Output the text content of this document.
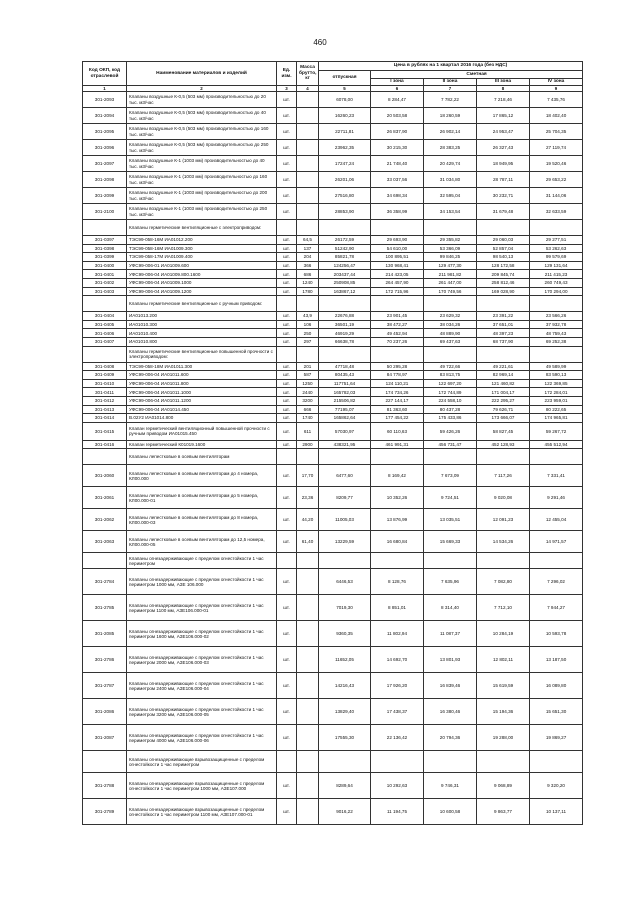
460
Код ОКП, код отраслевой	Наименование материалов и изделий	Ед. изм.	Масса брутто, кг	Цена в рублях на 1 квартал 2016 года (без НДС)				
				отпускная	Сметная			
					I зона	II зона	III зона	IV зона
1	2	3	4	5	6	7	8	9
301-2093	Клапаны воздушные К-0,5 (503 мм) производительностью до 20 тыс. м3/час	шт.		6078,00	8 284,47	7 782,22	7 218,46	7 435,76
301-2094	Клапаны воздушные К-0,5 (503 мм) производительностью до 40 тыс. м3/час	шт.		16260,23	20 503,58	18 260,59	17 865,12	18 402,40
301-2095	Клапаны воздушные К-0,5 (503 мм) производительностью до 160 тыс. м3/час	шт.		22711,81	26 837,90	26 902,14	24 953,47	25 704,35
301-2096	Клапаны воздушные К-0,5 (503 мм) производительностью до 250 тыс. м3/час	шт.		23962,35	30 215,30	28 383,25	26 327,43	27 119,74
301-2097	Клапаны воздушные К-1 (1003 мм) производительностью до 40 тыс. м3/час	шт.		17247,24	21 748,40	20 429,74	18 949,95	19 520,46
301-2098	Клапаны воздушные К-1 (1003 мм) производительностью до 160 тыс. м3/час	шт.		26201,06	33 037,56	31 034,80	28 787,11	29 653,22
301-2099	Клапаны воздушные К-1 (1003 мм) производительностью до 200 тыс. м3/час	шт.		27516,80	34 698,34	32 595,04	30 232,71	31 144,06
301-2100	Клапаны воздушные К-1 (1003 мм) производительностью до 250 тыс. м3/час	шт.		28853,90	36 358,99	34 153,54	31 679,48	32 633,59
	Клапаны герметические вентиляционные с электроприводом:							
301-0397	ТЭС99-058-16М ИА01012.200	шт.	64,5	26172,59	29 693,90	29 355,82	29 060,03	29 277,51
301-0398	ТЭС99-058-16М ИА01009.300	шт.	137	51242,90	54 610,00	53 366,09	52 857,04	53 262,63
301-0399	ТЭС99-058-17М ИА01009.400	шт.	204	85821,78	100 895,51	99 846,25	98 540,13	99 579,69
301-0400	УФС99-006-01 ИА01009.600	шт.	366	124256,47	130 968,41	129 477,30	128 172,58	129 131,64
301-0401	УФС99-006-04 ИА01009.800.1600	шт.	686	203437,44	214 423,05	211 981,82	209 845,74	211 415,23
301-0402	УФС99-006-04 ИА01009.1000	шт.	1240	250908,85	264 457,90	261 447,00	258 812,46	260 749,43
301-0403	УФС99-006-04 ИА01009.1200	шт.	1780	163867,12	172 715,96	170 749,56	169 028,90	170 294,00
	Клапаны герметические вентиляционные с ручным приводом:							
301-0404	ИА01013.200	шт.	43,9	22676,88	23 901,45	23 629,32	23 391,22	23 566,26
301-0405	ИА01010.300	шт.	106	36501,19	38 472,27	38 034,26	37 651,01	37 932,78
301-0406	ИА01010.400	шт.	250	46919,29	49 452,94	48 889,90	48 397,23	48 759,43
301-0407	ИА01010.800	шт.	297	66638,78	70 237,26	69 437,63	68 737,90	69 252,38
	Клапаны герметические вентиляционные повышенной прочности с электроприводом:							
301-0408	ТЭС99-058-18М ИА01011.300	шт.	201	47718,48	50 295,28	49 722,66	49 221,61	49 589,99
301-0409	УФС99-006-04 ИА01011.600	шт.	587	80435,43	84 778,97	83 813,75	82 969,14	83 590,13
301-0410	УФС99-006-04 ИА01011.800	шт.	1250	117751,64	124 110,21	122 697,20	121 460,82	122 369,85
301-0411	УФС99-006-04 ИА01011.1000	шт.	2440	165782,03	174 734,26	172 744,89	171 004,17	172 284,01
301-0412	УФС99-006-04 ИА01011.1200	шт.	3200	215506,82	227 144,17	224 558,10	222 295,27	223 959,01
301-0413	УФС99-006-04 ИА01014.450	шт.	666	77195,07	81 363,60	80 437,28	79 626,71	80 222,65
301-0414	В.02У2 ИА01014.800	шт.	1740	165862,64	177 454,22	175 433,86	173 666,07	174 965,81
301-0415	Клапан герметический вентиляционный повышенной прочности с ручным приводом ИА01015.450	шт.	611	57030,97	60 110,63	59 426,26	58 827,45	59 267,72
301-0416	Клапан герметический К01019.1600	шт.	2900	438321,95	461 991,31	456 731,47	452 128,93	455 512,94
	Клапаны лепестковые в осевым вентиляторам							
301-2060	Клапаны лепестковые в осевым вентиляторам до 4 номера, КЛ00.000	шт.	17,70	6477,60	8 169,42	7 673,09	7 117,26	7 331,41
301-2061	Клапаны лепестковые в осевым вентиляторам до 5 номера, КЛ00.000-01	шт.	23,36	8209,77	10 352,26	9 724,51	9 020,08	9 291,46
301-2062	Клапаны лепестковые в осевым вентиляторам до 8 номера, КЛ00.000-03	шт.	44,20	11005,03	13 876,99	13 035,51	12 091,23	12 455,04
301-2063	Клапаны лепестковые в осевым вентиляторам до 12,5 номера, КЛ00.000-05	шт.	61,40	13229,59	16 680,84	15 669,33	14 534,26	14 971,57
	Клапаны огнезадерживающие с пределом огнестойкости 1 час периметром							
301-2784	Клапаны огнезадерживающие с пределом огнестойкости 1 час периметром 1000 мм, АЗЕ 106.000	шт.		6446,53	8 128,76	7 635,96	7 082,80	7 296,02
301-2785	Клапаны огнезадерживающие с пределом огнестойкости 1 час периметром 1100 мм, АЗЕ106.000-01	шт.		7019,30	8 851,01	8 314,40	7 712,10	7 944,27
301-2085	Клапаны огнезадерживающие с пределом огнестойкости 1 час периметром 1600 мм, АЗЕ106.000-02	шт.		9360,35	11 802,94	11 087,37	10 284,19	10 593,78
301-2786	Клапаны огнезадерживающие с пределом огнестойкости 1 час периметром 2000 мм, АЗЕ106.000-03	шт.		11652,05	14 692,70	13 801,93	12 802,11	13 187,50
301-2787	Клапаны огнезадерживающие с пределом огнестойкости 1 час периметром 2400 мм, АЗЕ106.000-04	шт.		14216,43	17 926,20	16 839,46	15 619,59	16 089,80
301-2086	Клапаны огнезадерживающие с пределом огнестойкости 1 час периметром 3200 мм, АЗЕ106.000-05	шт.		13829,40	17 438,37	16 380,46	15 194,36	15 651,30
301-2087	Клапаны огнезадерживающие с пределом огнестойкости 1 час периметром 4000 мм, АЗЕ106.000-06	шт.		17555,30	22 136,42	20 794,36	19 288,00	19 869,27
	Клапаны огнезадерживающие взрывозащищенные с пределом огнестойкости 1 час периметром							
301-2788	Клапаны огнезадерживающие взрывозащищенные с пределом огнестойкости 1 час периметром 1000 мм, АЗЕ107.000	шт.		8289,64	10 292,63	9 746,31	9 068,89	9 320,20
301-2789	Клапаны огнезадерживающие взрывозащищенные с пределом огнестойкости 1 час периметром 1100 мм, АЗЕ107.000-01	шт.		9016,22	11 194,75	10 600,58	9 863,77	10 137,11
